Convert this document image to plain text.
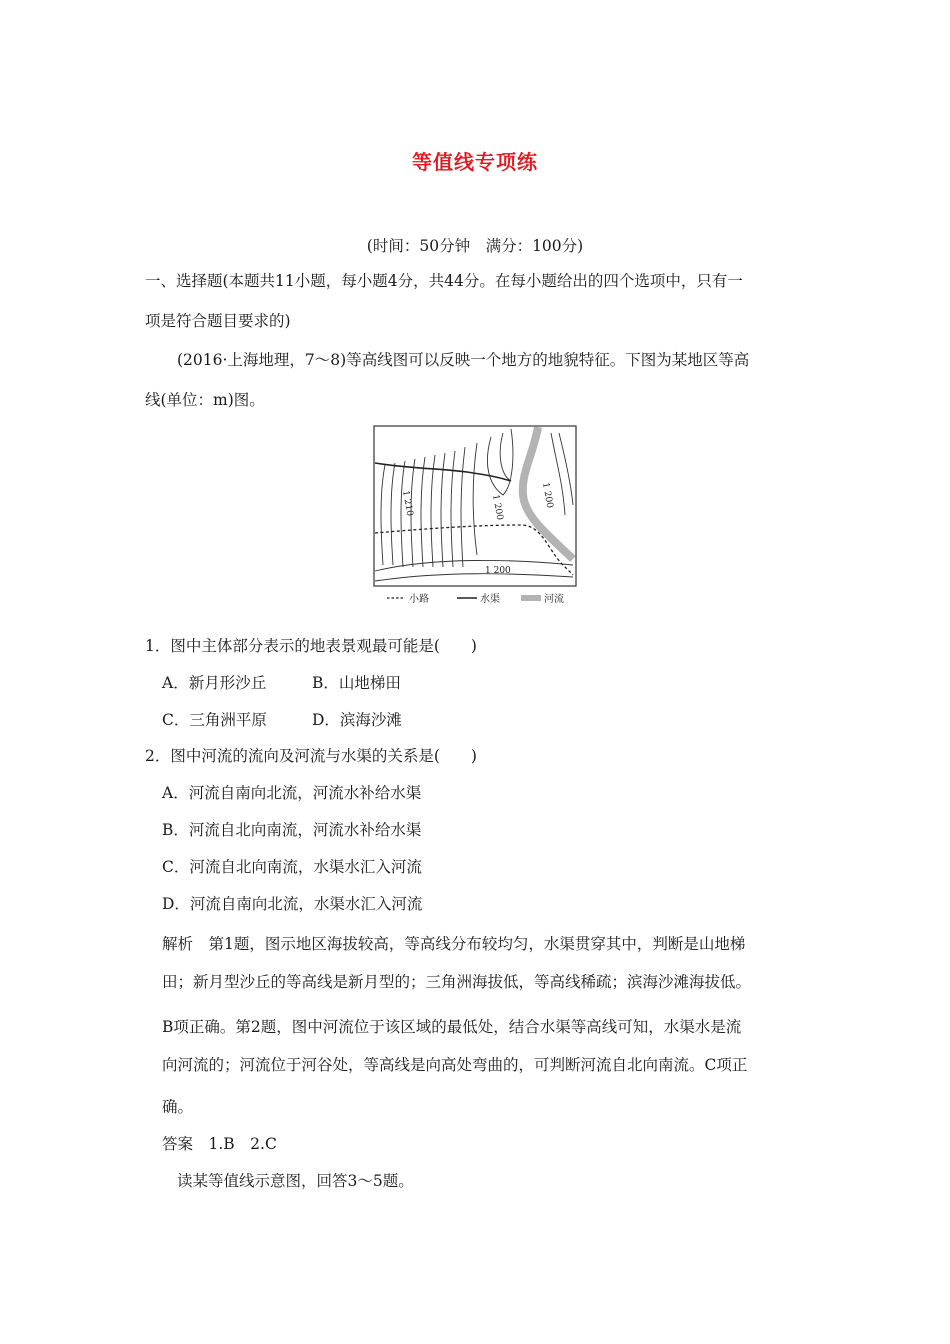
等值线专项练
(时间：50分钟　满分：100分)
一、选择题(本题共11小题，每小题4分，共44分。在每小题给出的四个选项中，只有一
项是符合题目要求的)
(2016·上海地理，7～8)等高线图可以反映一个地方的地貌特征。下图为某地区等高
线(单位：m)图。
1 210	1 200	1 200
1 200
小路	水渠	河流
1．图中主体部分表示的地表景观最可能是(　　)
A．新月形沙丘	B．山地梯田
C．三角洲平原	D．滨海沙滩
2．图中河流的流向及河流与水渠的关系是(　　)
A．河流自南向北流，河流水补给水渠
B．河流自北向南流，河流水补给水渠
C．河流自北向南流，水渠水汇入河流
D．河流自南向北流，水渠水汇入河流
解析　第1题，图示地区海拔较高，等高线分布较均匀，水渠贯穿其中，判断是山地梯
田；新月型沙丘的等高线是新月型的；三角洲海拔低，等高线稀疏；滨海沙滩海拔低。
B项正确。第2题，图中河流位于该区域的最低处，结合水渠等高线可知，水渠水是流
向河流的；河流位于河谷处，等高线是向高处弯曲的，可判断河流自北向南流。C项正
确。
答案　1.B　2.C
读某等值线示意图，回答3～5题。
